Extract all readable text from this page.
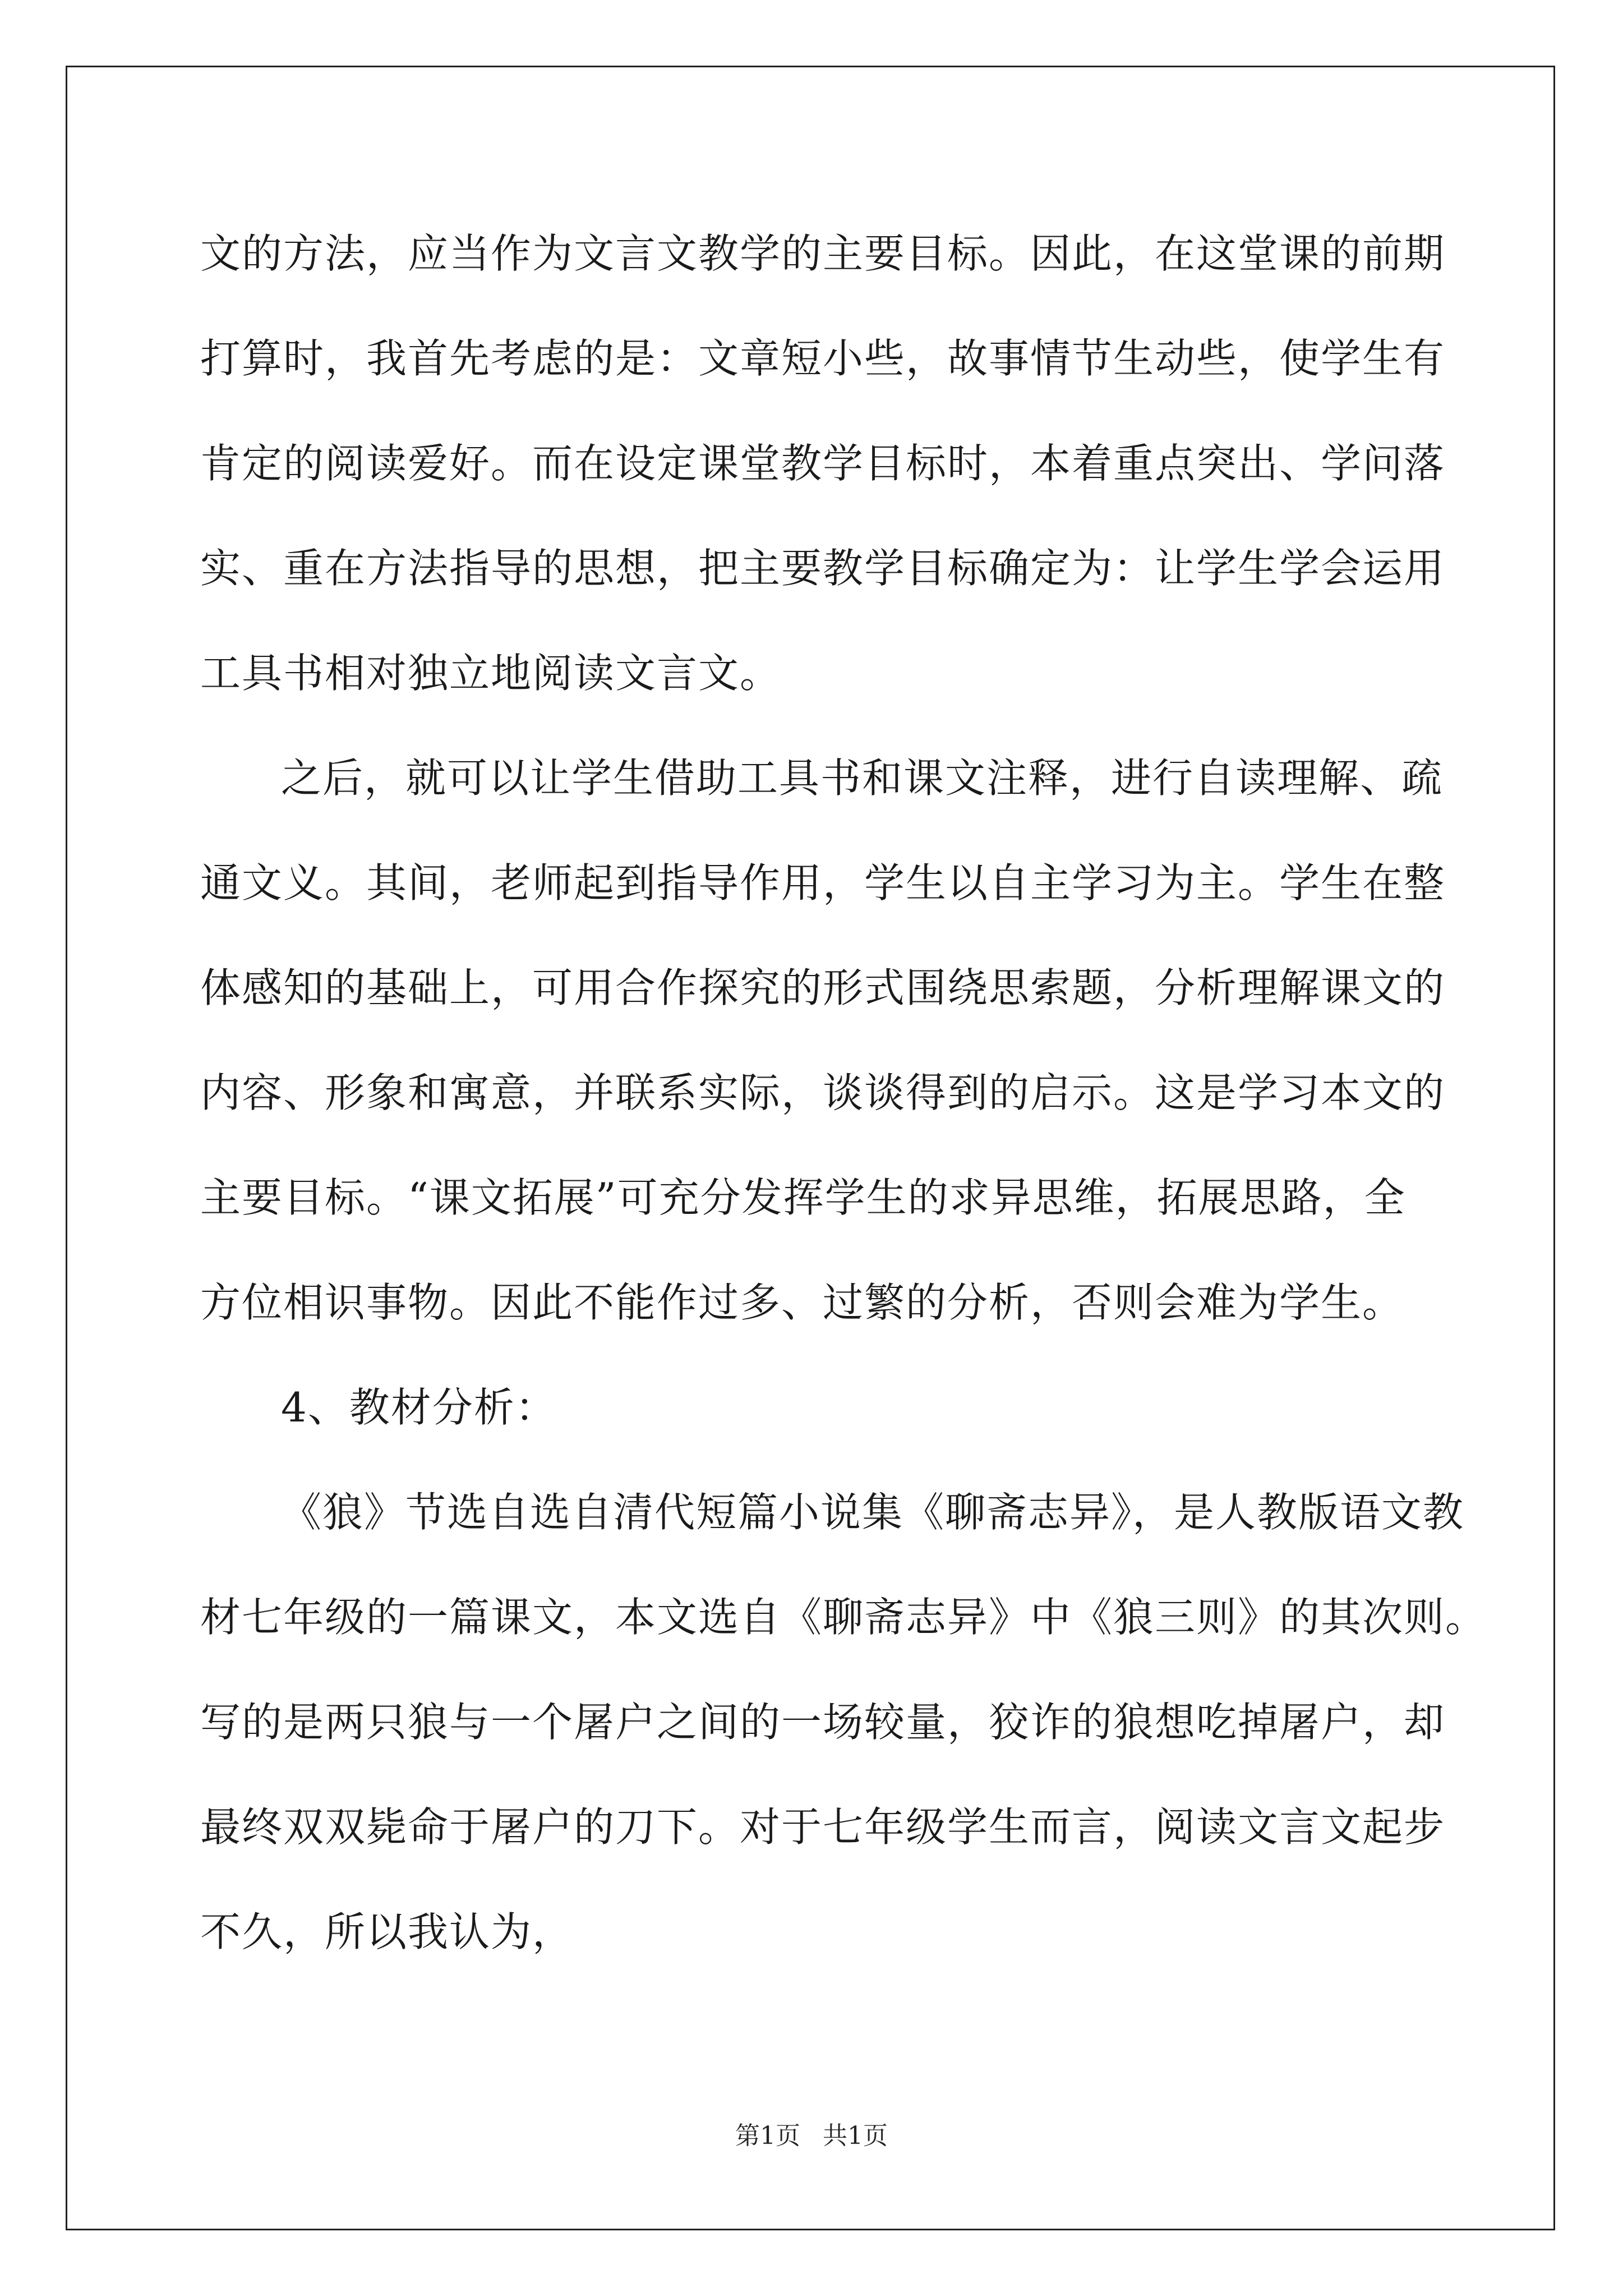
文的方法，应当作为文言文教学的主要目标。因此，在这堂课的前期
打算时，我首先考虑的是：文章短小些，故事情节生动些，使学生有
肯定的阅读爱好。而在设定课堂教学目标时，本着重点突出、学问落
实、重在方法指导的思想，把主要教学目标确定为：让学生学会运用
工具书相对独立地阅读文言文。
之后，就可以让学生借助工具书和课文注释，进行自读理解、疏
通文义。其间，老师起到指导作用，学生以自主学习为主。学生在整
体感知的基础上，可用合作探究的形式围绕思索题，分析理解课文的
内容、形象和寓意，并联系实际，谈谈得到的启示。这是学习本文的
主要目标。“课文拓展”可充分发挥学生的求异思维，拓展思路，全
方位相识事物。因此不能作过多、过繁的分析，否则会难为学生。
4、教材分析：
《狼》节选自选自清代短篇小说集《聊斋志异》，是人教版语文教
材七年级的一篇课文，本文选自《聊斋志异》中《狼三则》的其次则。
写的是两只狼与一个屠户之间的一场较量，狡诈的狼想吃掉屠户，却
最终双双毙命于屠户的刀下。对于七年级学生而言，阅读文言文起步
不久，所以我认为，
第1页 共1页
